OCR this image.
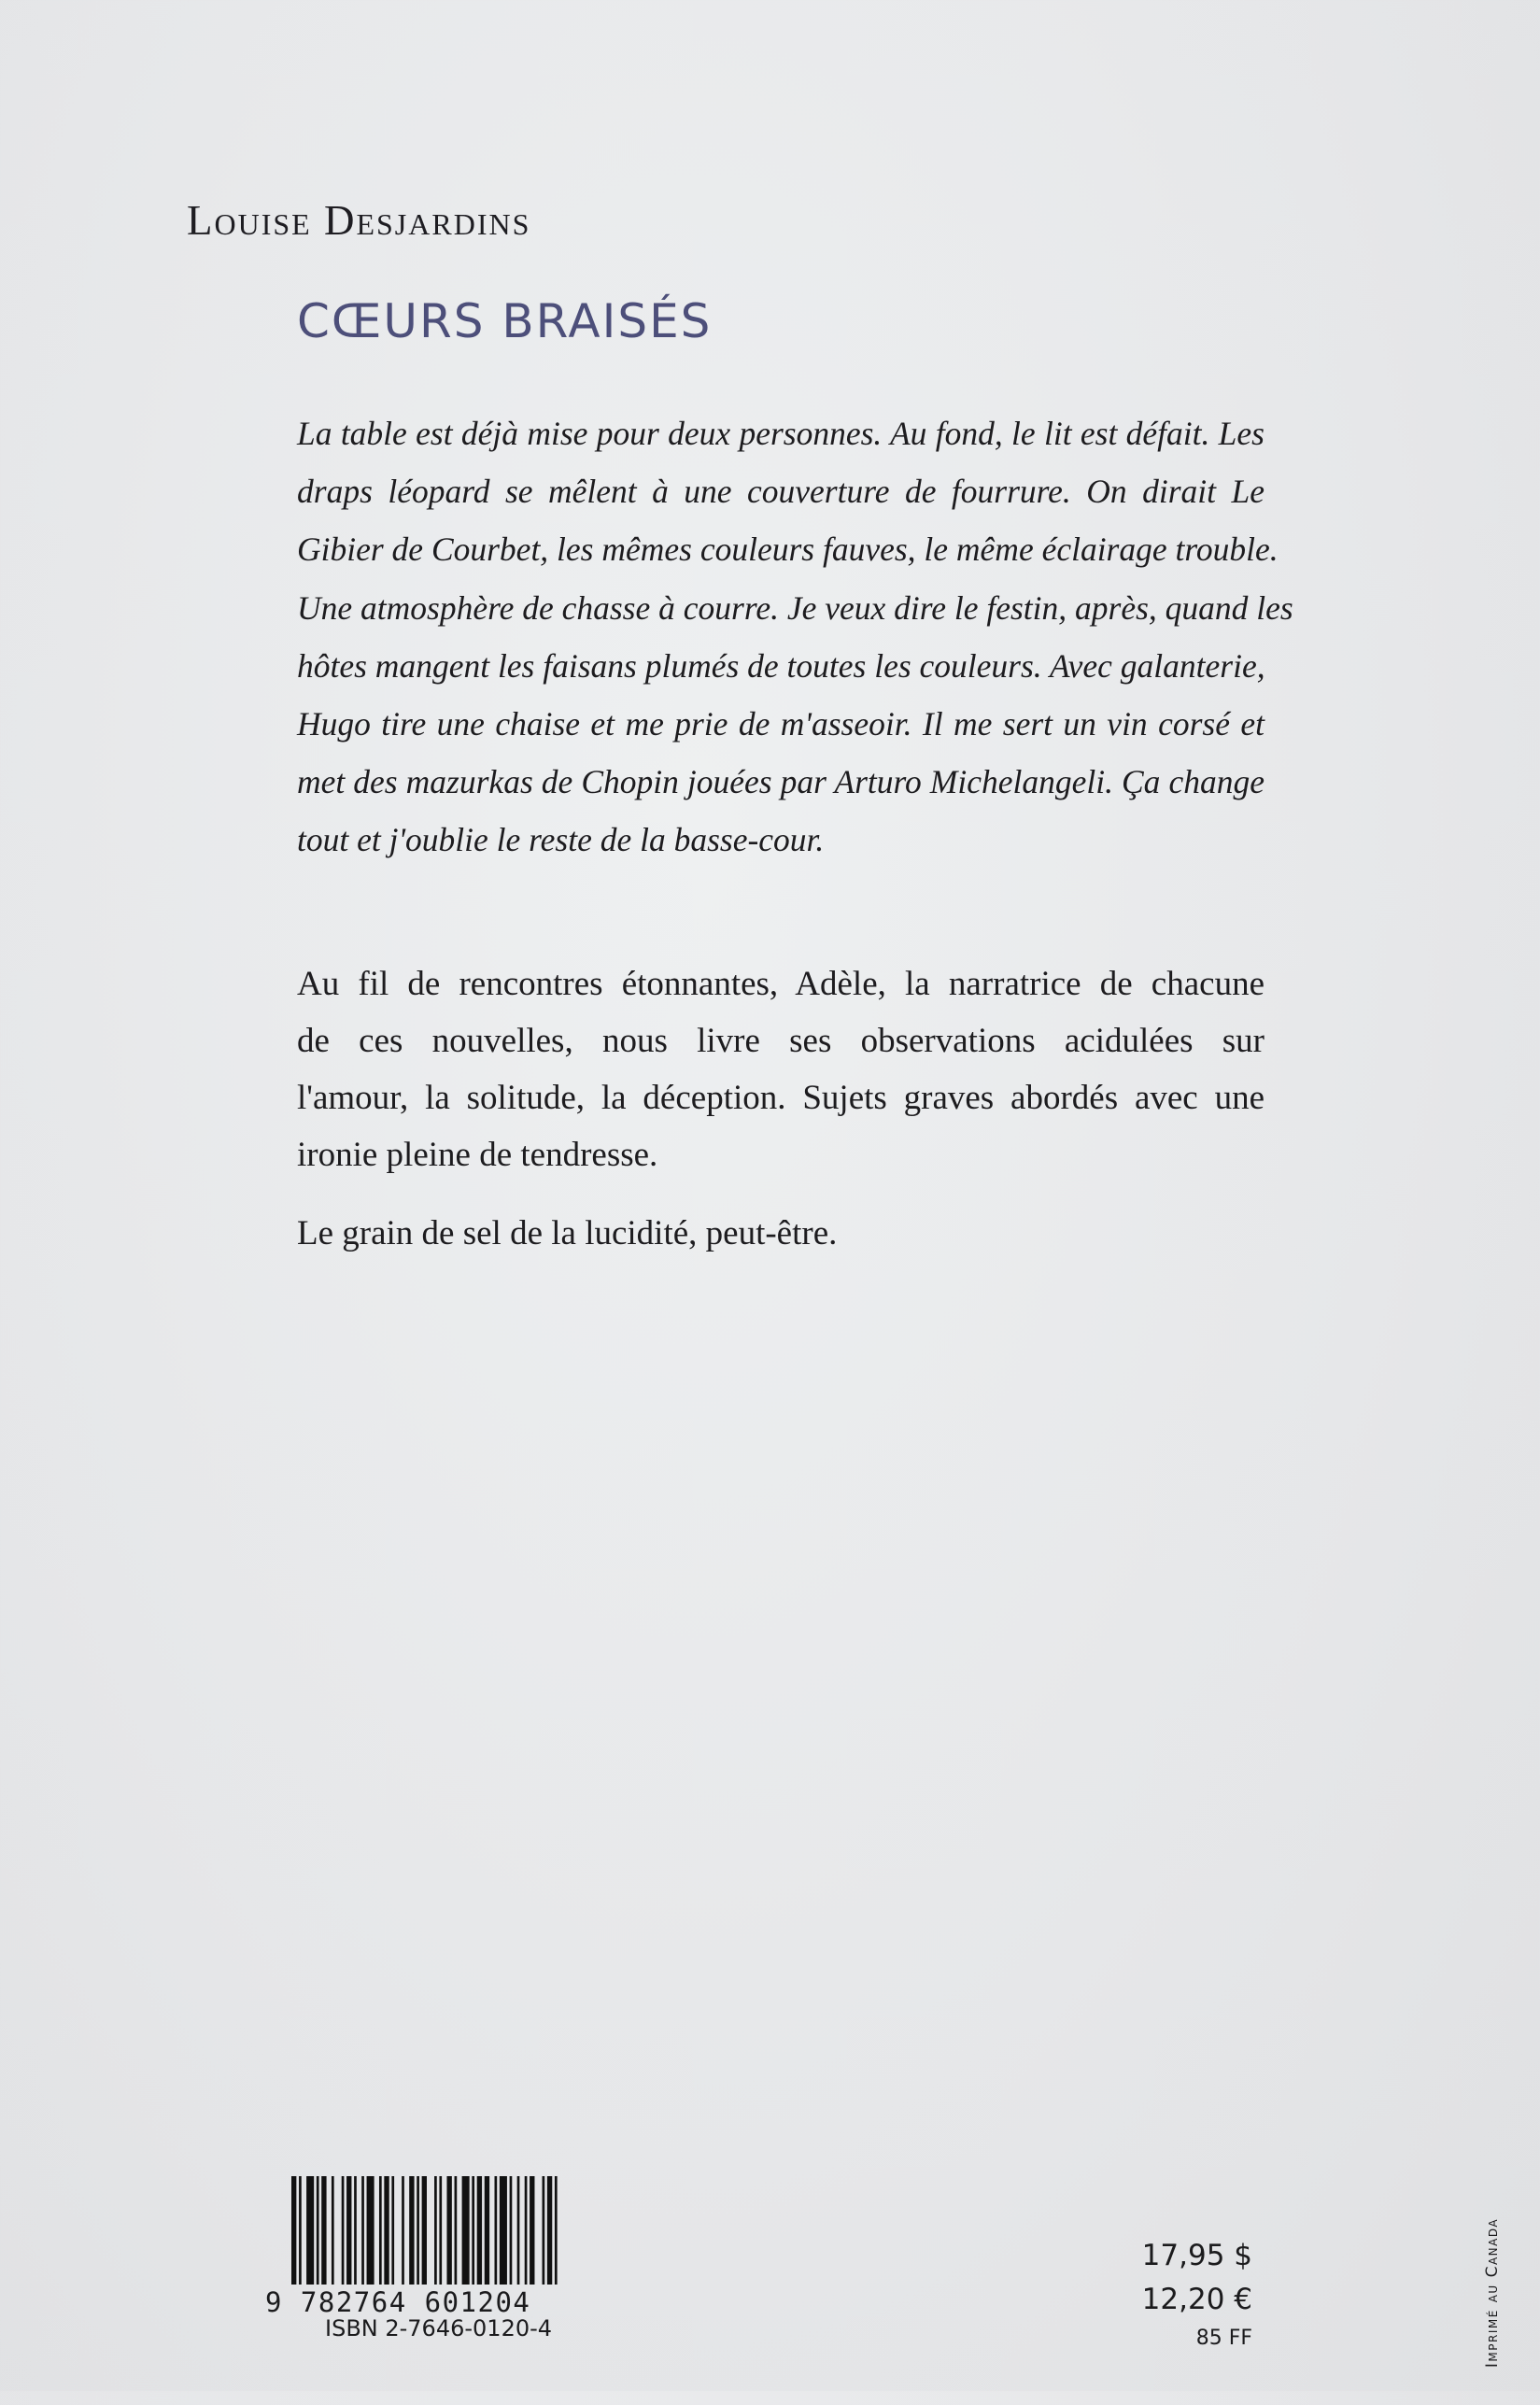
Louise Desjardins
CŒURS BRAISÉS
La table est déjà mise pour deux personnes. Au fond, le lit est défait. Les
draps léopard se mêlent à une couverture de fourrure. On dirait Le
Gibier de Courbet, les mêmes couleurs fauves, le même éclairage trouble.
Une atmosphère de chasse à courre. Je veux dire le festin, après, quand les
hôtes mangent les faisans plumés de toutes les couleurs. Avec galanterie,
Hugo tire une chaise et me prie de m'asseoir. Il me sert un vin corsé et
met des mazurkas de Chopin jouées par Arturo Michelangeli. Ça change
tout et j'oublie le reste de la basse-cour.
Au fil de rencontres étonnantes, Adèle, la narratrice de chacune
de ces nouvelles, nous livre ses observations acidulées sur
l'amour, la solitude, la déception. Sujets graves abordés avec une
ironie pleine de tendresse.
Le grain de sel de la lucidité, peut-être.
9 782764 601204
ISBN 2-7646-0120-4
17,95 $
12,20 €
85 FF	Imprimé au Canada
